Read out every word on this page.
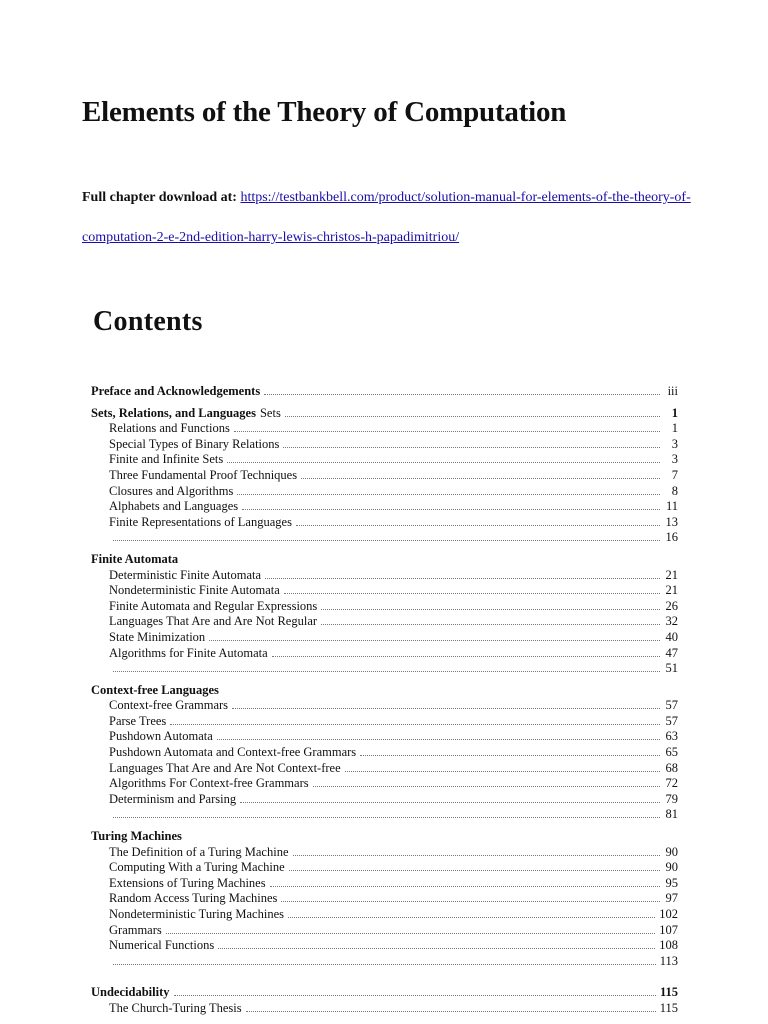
Elements of the Theory of Computation
Full chapter download at: https://testbankbell.com/product/solution-manual-for-elements-of-the-theory-of-computation-2-e-2nd-edition-harry-lewis-christos-h-papadimitriou/
Contents
Preface and Acknowledgements	iii
Sets, Relations, and Languages Sets	1
Relations and Functions	1
Special Types of Binary Relations	3
Finite and Infinite Sets	3
Three Fundamental Proof Techniques	7
Closures and Algorithms	8
Alphabets and Languages	11
Finite Representations of Languages	13
16
Finite Automata
Deterministic Finite Automata	21
Nondeterministic Finite Automata	21
Finite Automata and Regular Expressions	26
Languages That Are and Are Not Regular	32
State Minimization	40
Algorithms for Finite Automata	47
51
Context-free Languages
Context-free Grammars	57
Parse Trees	57
Pushdown Automata	63
Pushdown Automata and Context-free Grammars	65
Languages That Are and Are Not Context-free	68
Algorithms For Context-free Grammars	72
Determinism and Parsing	79
81
Turing Machines
The Definition of a Turing Machine	90
Computing With a Turing Machine	90
Extensions of Turing Machines	95
Random Access Turing Machines	97
Nondeterministic Turing Machines	102
Grammars	107
Numerical Functions	108
113
Undecidability	115
The Church-Turing Thesis	115
